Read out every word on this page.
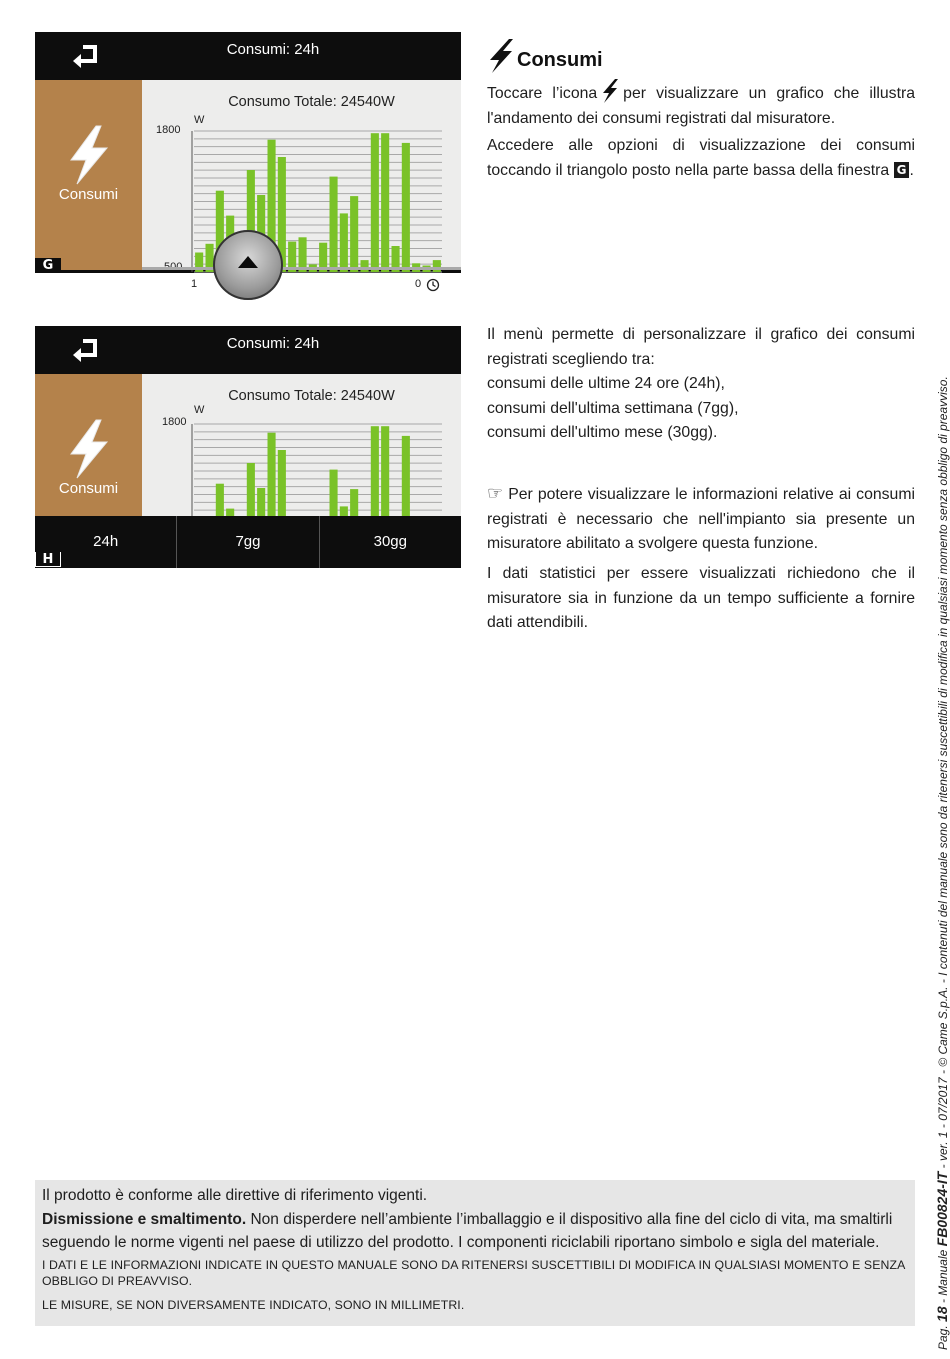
Consumi: 24h
Consumi
Consumo Totale: 24540W
W
1800
1	0
G
Consumi: 24h
Consumi
Consumo Totale: 24540W
W
1800
24h	7gg	30gg
H
Consumi
Toccare l’icona per visualizzare un grafico che illustra l'andamento dei consumi registrati dal misuratore.
Accedere alle opzioni di visualizzazione dei consumi toccando il triangolo posto nella parte bassa della finestra G .
Il menù permette di personalizzare il grafico dei consumi registrati scegliendo tra:
consumi delle ultime 24 ore (24h),
consumi dell'ultima settimana (7gg),
consumi dell'ultimo mese (30gg).
☞ Per potere visualizzare le informazioni relative ai consumi registrati è necessario che nell'impianto sia presente un misuratore abilitato a svolgere questa funzione.
I dati statistici per essere visualizzati richiedono che il misuratore sia in funzione da un tempo sufficiente a fornire dati attendibili.

Il prodotto è conforme alle direttive di riferimento vigenti.

Dismissione e smaltimento. Non disperdere nell’ambiente l’imballaggio e il dispositivo alla fine del ciclo di vita, ma smaltirli seguendo le norme vigenti nel paese di utilizzo del prodotto. I componenti riciclabili riportano simbolo e sigla del materiale.

I DATI E LE INFORMAZIONI INDICATE IN QUESTO MANUALE SONO DA RITENERSI SUSCETTIBILI DI MODIFICA IN QUALSIASI MOMENTO E SENZA OBBLIGO DI PREAVVISO.

LE MISURE, SE NON DIVERSAMENTE INDICATO, SONO IN MILLIMETRI.

Pag. 18 - Manuale FB00824-IT - ver. 1 - 07/2017 - © Came S.p.A. - I contenuti del manuale sono da ritenersi suscettibili di modifica in qualsiasi momento senza obbligo di preavviso.
